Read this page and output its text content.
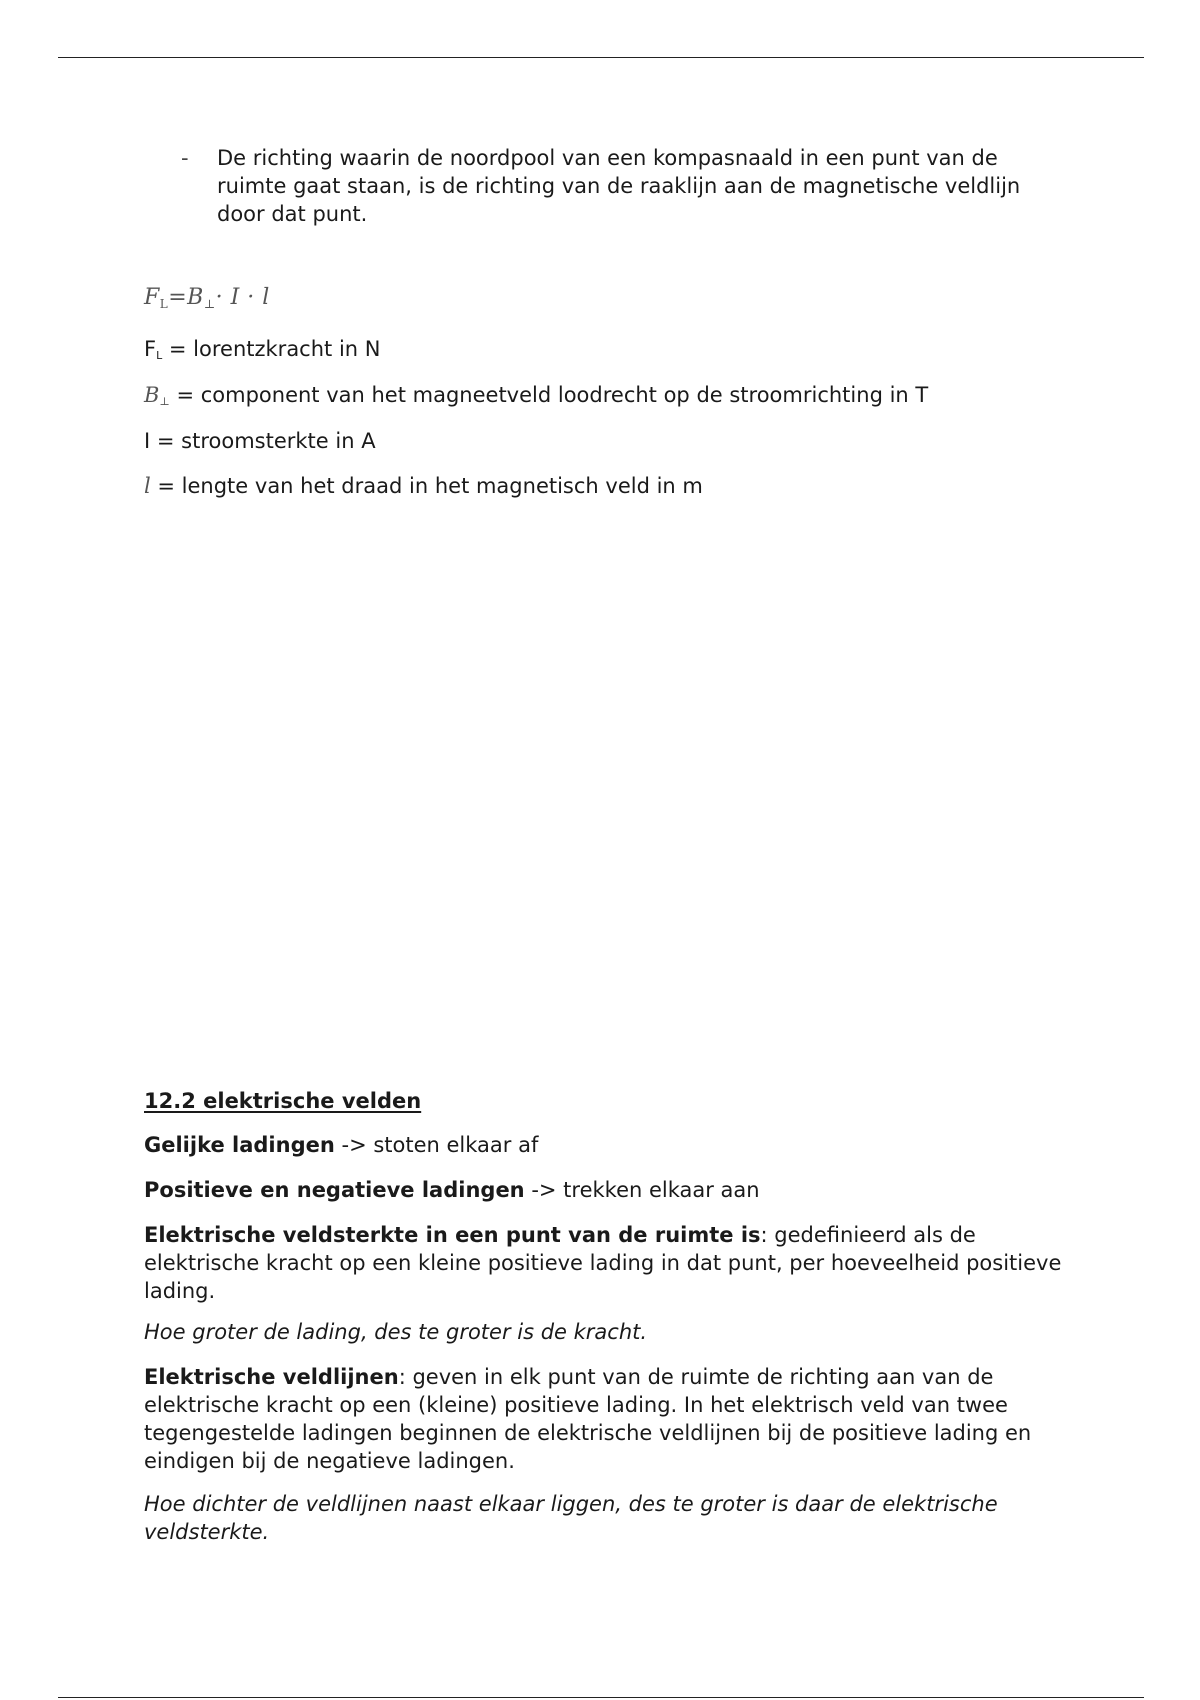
- De richting waarin de noordpool van een kompasnaald in een punt van de ruimte gaat staan, is de richting van de raaklijn aan de magnetische veldlijn door dat punt.
$F_L=B_\perp\cdot I \cdot l$
$F_L$ = lorentzkracht in N
$B_\perp$ = component van het magneetveld loodrecht op de stroomrichting in T
I = stroomsterkte in A
l = lengte van het draad in het magnetisch veld in m
12.2 elektrische velden
Gelijke ladingen -> stoten elkaar af
Positieve en negatieve ladingen -> trekken elkaar aan
Elektrische veldsterkte in een punt van de ruimte is: gedefinieerd als de elektrische kracht op een kleine positieve lading in dat punt, per hoeveelheid positieve lading.
Hoe groter de lading, des te groter is de kracht.
Elektrische veldlijnen: geven in elk punt van de ruimte de richting aan van de elektrische kracht op een (kleine) positieve lading. In het elektrisch veld van twee tegengestelde ladingen beginnen de elektrische veldlijnen bij de positieve lading en eindigen bij de negatieve ladingen.
Hoe dichter de veldlijnen naast elkaar liggen, des te groter is daar de elektrische veldsterkte.
